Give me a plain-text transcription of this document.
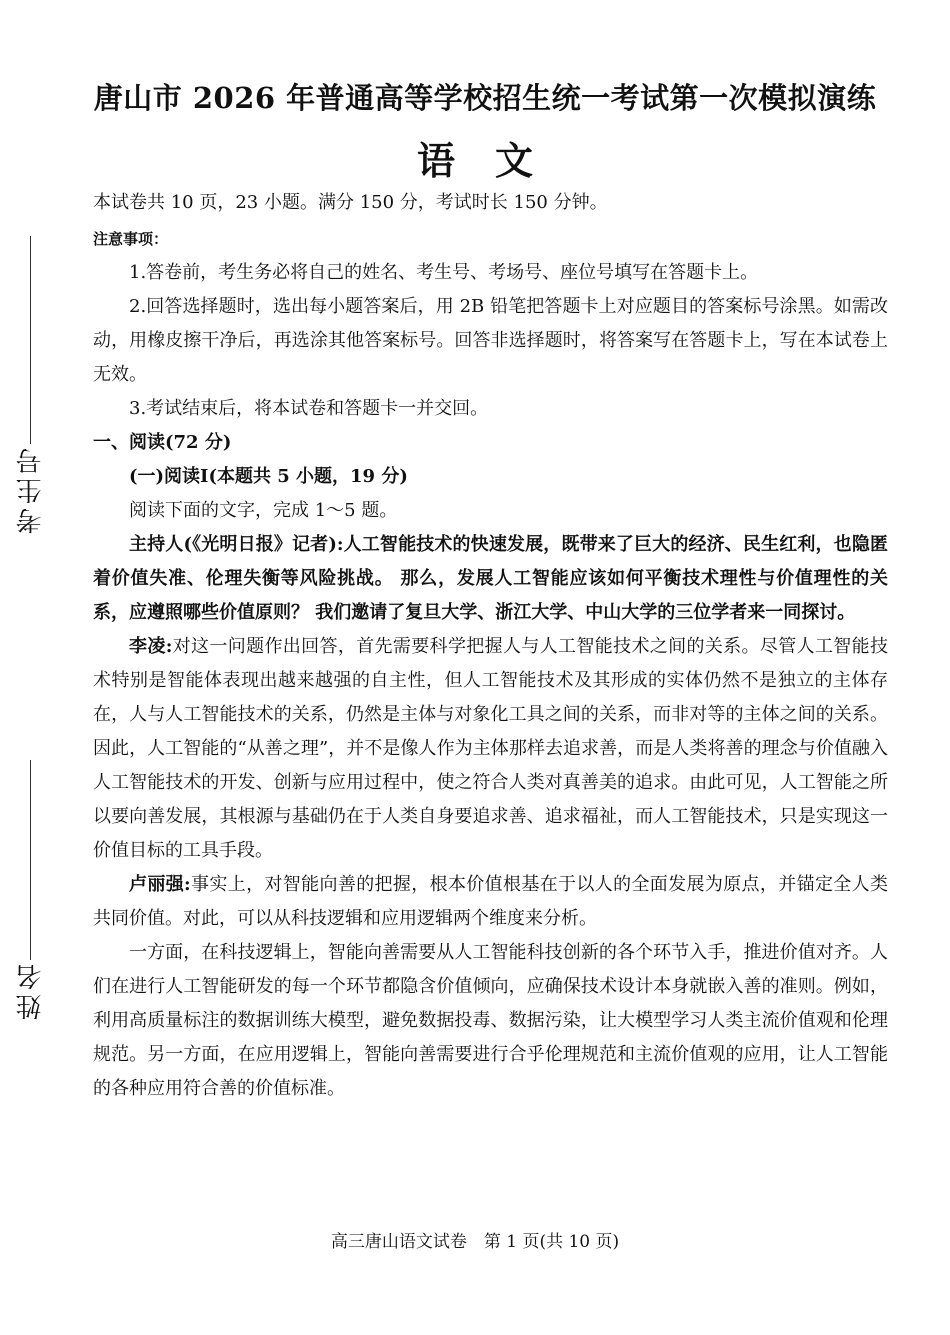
考生号
姓名
唐山市 2026 年普通高等学校招生统一考试第一次模拟演练
语文

本试卷共 10 页，23 小题。满分 150 分，考试时长 150 分钟。

注意事项：

1.答卷前，考生务必将自己的姓名、考生号、考场号、座位号填写在答题卡上。

2.回答选择题时，选出每小题答案后，用 2B 铅笔把答题卡上对应题目的答案标号涂黑。如需改动，用橡皮擦干净后，再选涂其他答案标号。回答非选择题时，将答案写在答题卡上，写在本试卷上无效。

3.考试结束后，将本试卷和答题卡一并交回。

一、阅读(72 分)

(一)阅读Ⅰ(本题共 5 小题，19 分)

阅读下面的文字，完成 1～5 题。

主持人(《光明日报》记者):人工智能技术的快速发展，既带来了巨大的经济、民生红利，也隐匿着价值失准、伦理失衡等风险挑战。 那么，发展人工智能应该如何平衡技术理性与价值理性的关系，应遵照哪些价值原则？ 我们邀请了复旦大学、浙江大学、中山大学的三位学者来一同探讨。

李凌:对这一问题作出回答，首先需要科学把握人与人工智能技术之间的关系。尽管人工智能技术特别是智能体表现出越来越强的自主性，但人工智能技术及其形成的实体仍然不是独立的主体存在，人与人工智能技术的关系，仍然是主体与对象化工具之间的关系，而非对等的主体之间的关系。因此，人工智能的“从善之理”，并不是像人作为主体那样去追求善，而是人类将善的理念与价值融入人工智能技术的开发、创新与应用过程中，使之符合人类对真善美的追求。由此可见，人工智能之所以要向善发展，其根源与基础仍在于人类自身要追求善、追求福祉，而人工智能技术，只是实现这一价值目标的工具手段。

卢丽强:事实上，对智能向善的把握，根本价值根基在于以人的全面发展为原点，并锚定全人类共同价值。对此，可以从科技逻辑和应用逻辑两个维度来分析。

一方面，在科技逻辑上，智能向善需要从人工智能科技创新的各个环节入手，推进价值对齐。人们在进行人工智能研发的每一个环节都隐含价值倾向，应确保技术设计本身就嵌入善的准则。例如，利用高质量标注的数据训练大模型，避免数据投毒、数据污染，让大模型学习人类主流价值观和伦理规范。另一方面，在应用逻辑上，智能向善需要进行合乎伦理规范和主流价值观的应用，让人工智能的各种应用符合善的价值标准。

高三唐山语文试卷　第 1 页(共 10 页)
